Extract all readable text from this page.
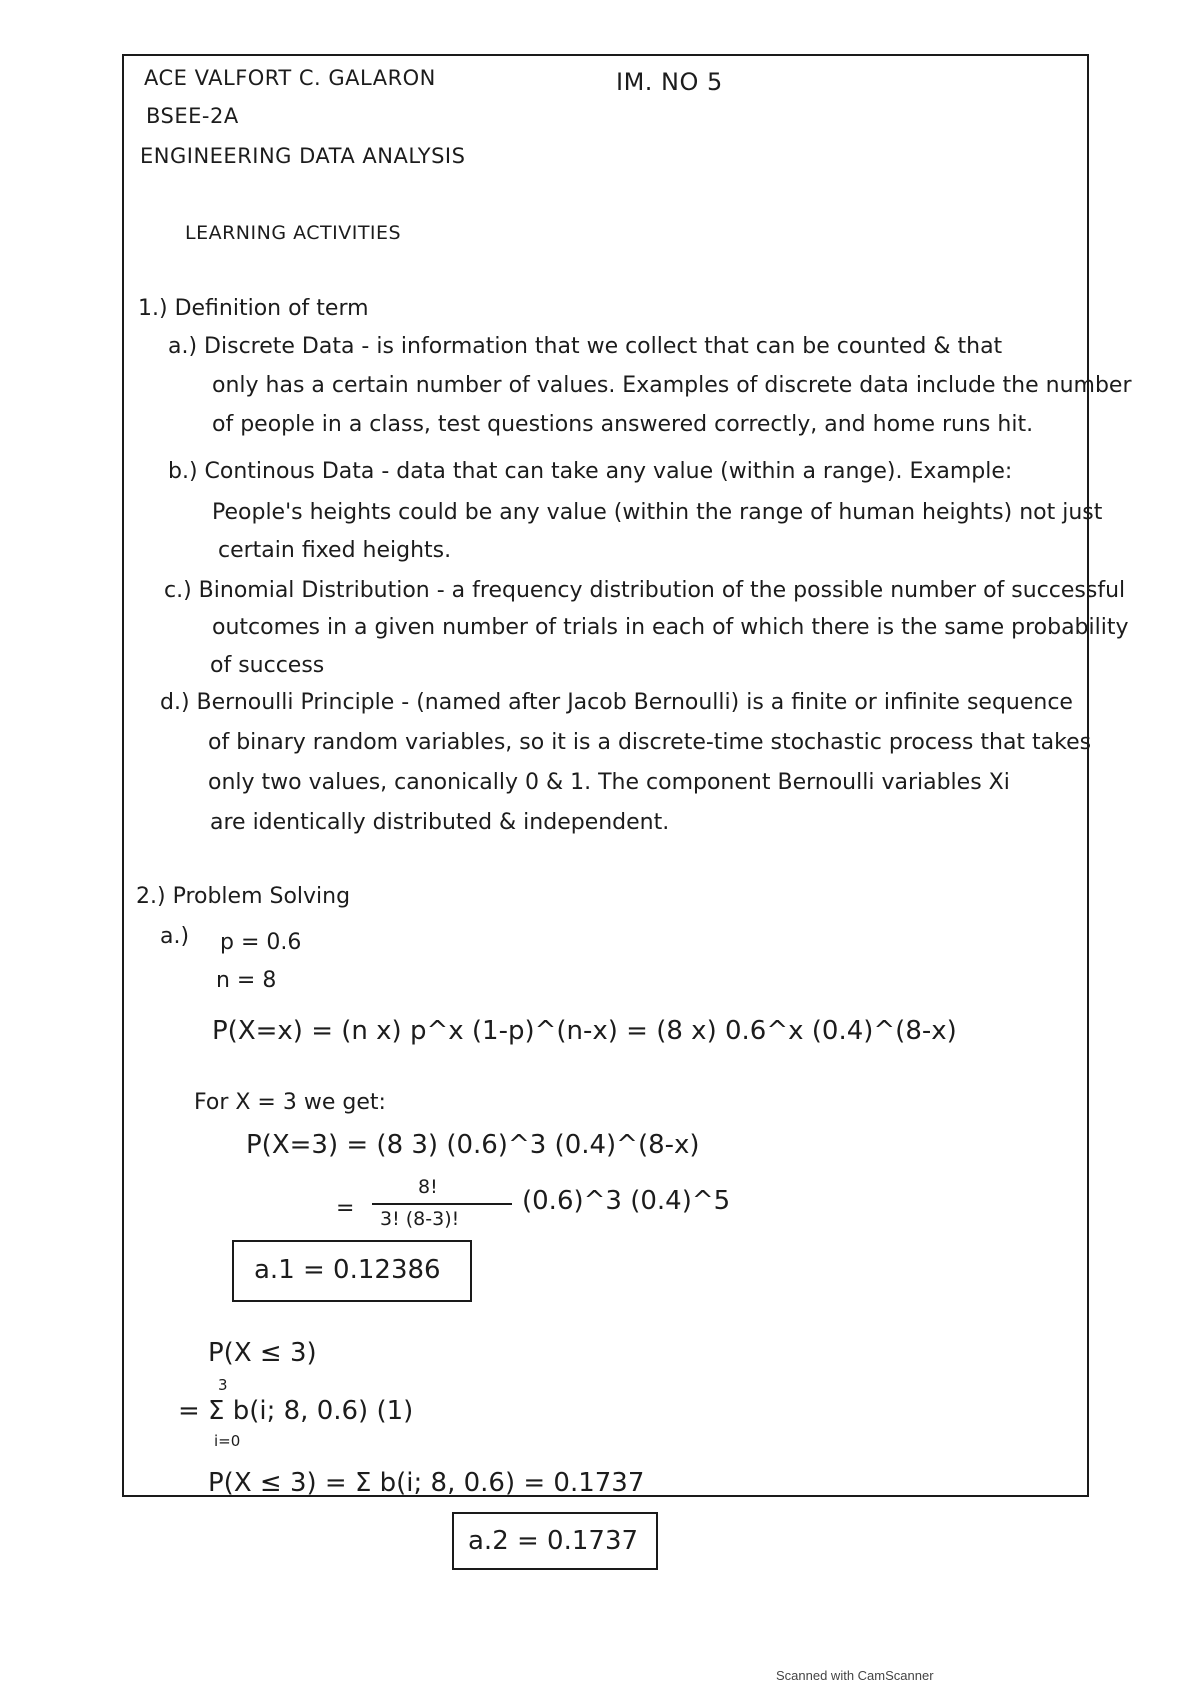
ACE VALFORT C. GALARON	IM. NO 5
BSEE-2A
ENGINEERING DATA ANALYSIS
LEARNING ACTIVITIES
1.) Definition of term
a.) Discrete Data - is information that we collect that can be counted & that
only has a certain number of values. Examples of discrete data include the number
of people in a class, test questions answered correctly, and home runs hit.
b.) Continous Data - data that can take any value (within a range). Example:
People's heights could be any value (within the range of human heights) not just
certain fixed heights.
c.) Binomial Distribution - a frequency distribution of the possible number of successful
outcomes in a given number of trials in each of which there is the same probability
of success
d.) Bernoulli Principle - (named after Jacob Bernoulli) is a finite or infinite sequence
of binary random variables, so it is a discrete-time stochastic process that takes
only two values, canonically 0 & 1. The component Bernoulli variables Xi
are identically distributed & independent.
2.) Problem Solving
a.) p = 0.6
n = 8
P(X=x) = (n x) p^x (1-p)^(n-x) = (8 x) 0.6^x (0.4)^(8-x)
For X = 3 we get:
P(X=3) = (8 3) (0.6)^3 (0.4)^(8-x)
=
8!
3! (8-3)!
(0.6)^3 (0.4)^5
a.1 = 0.12386
P(X ≤ 3)
3
= Σ b(i; 8, 0.6) (1)
i=0
P(X ≤ 3) = Σ b(i; 8, 0.6) = 0.1737
a.2 = 0.1737
Scanned with CamScanner
